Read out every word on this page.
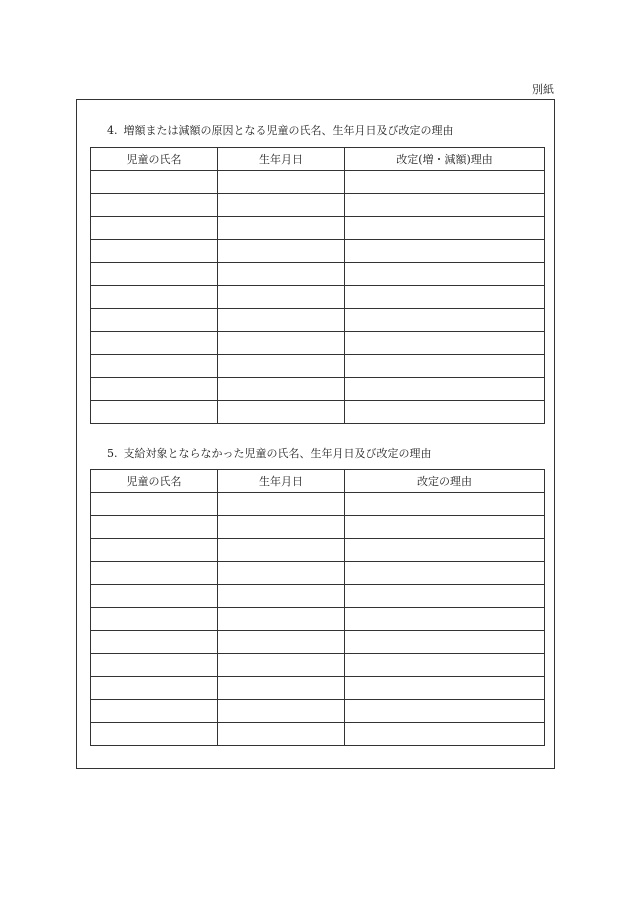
別紙
4. 増額または減額の原因となる児童の氏名、生年月日及び改定の理由
児童の氏名	生年月日	改定(増・減額)理由

5. 支給対象とならなかった児童の氏名、生年月日及び改定の理由
児童の氏名	生年月日	改定の理由
